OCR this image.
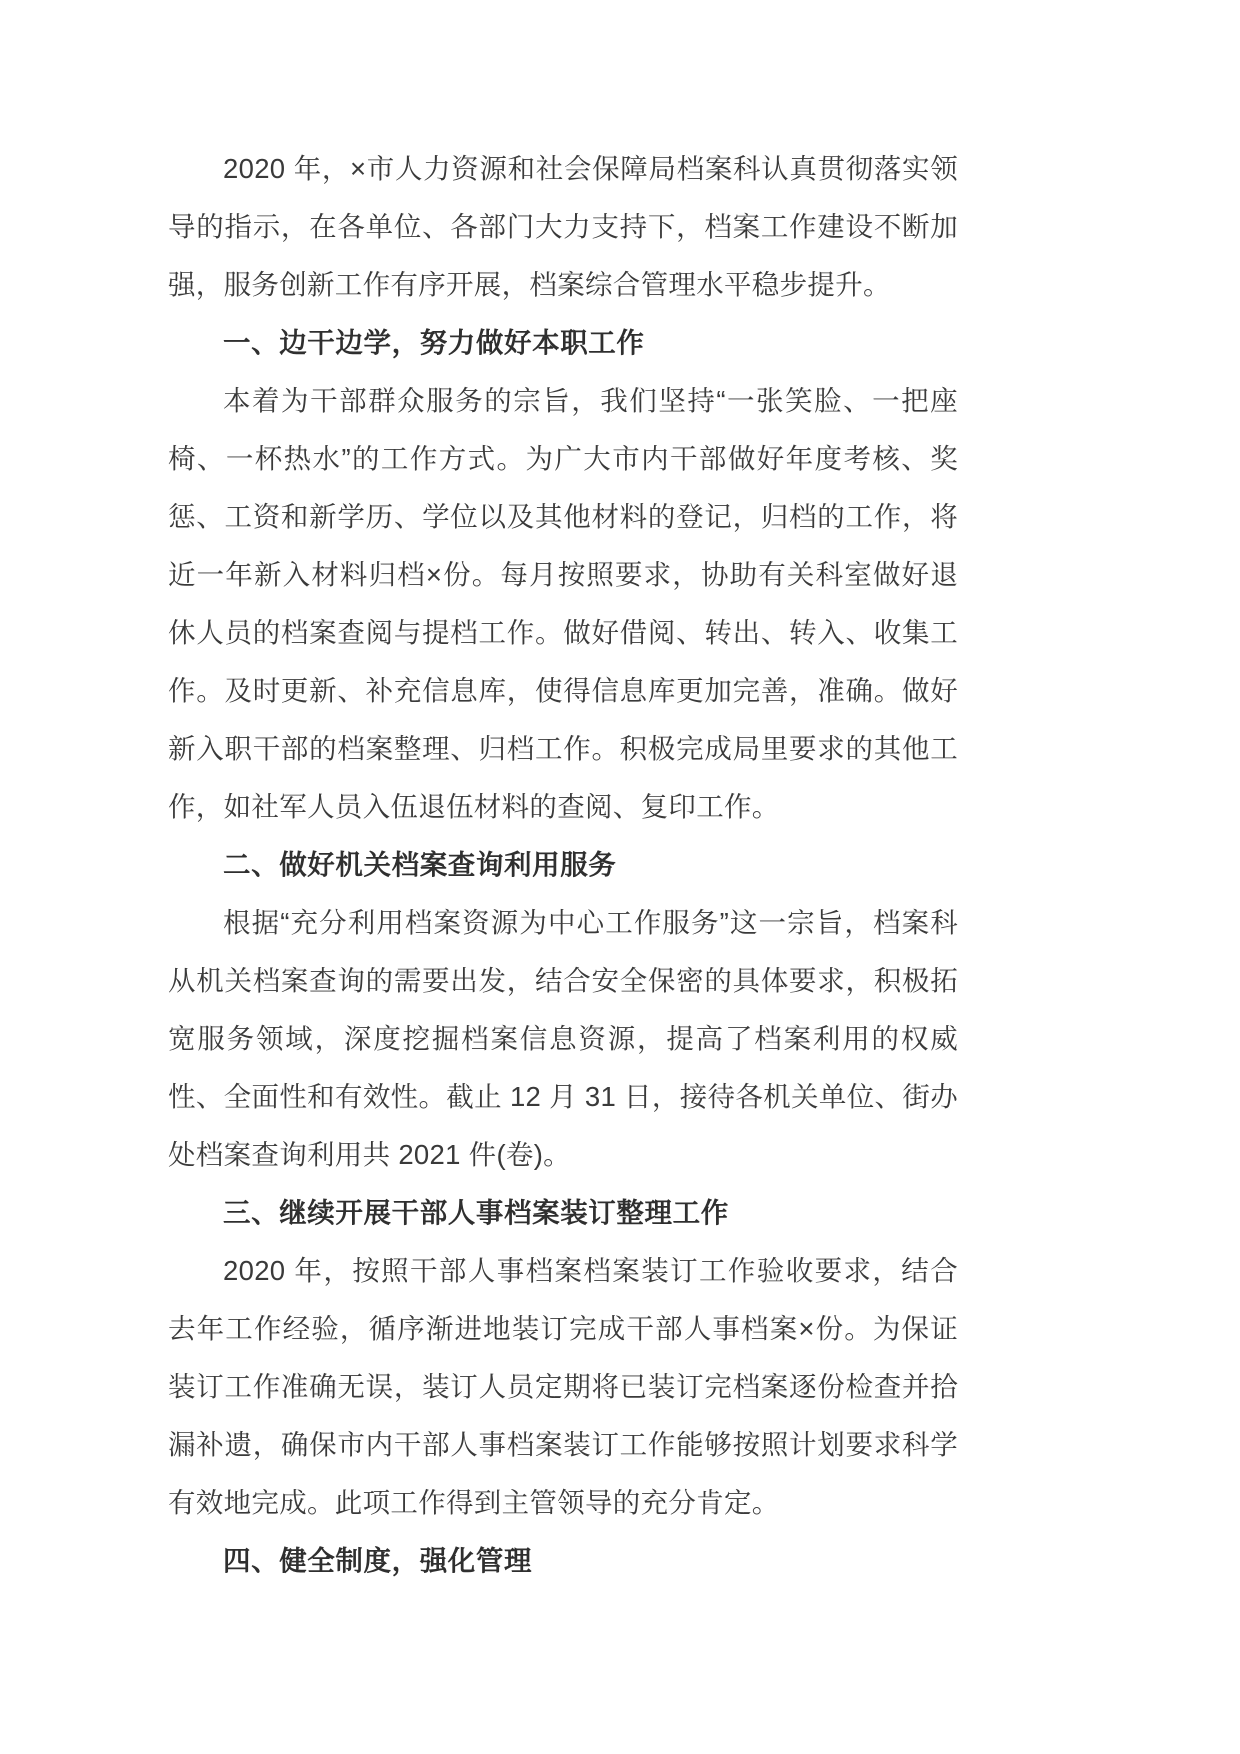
2020 年，×市人力资源和社会保障局档案科认真贯彻落实领导的指示，在各单位、各部门大力支持下，档案工作建设不断加强，服务创新工作有序开展，档案综合管理水平稳步提升。

一、边干边学，努力做好本职工作

本着为干部群众服务的宗旨，我们坚持“一张笑脸、一把座椅、一杯热水”的工作方式。为广大市内干部做好年度考核、奖惩、工资和新学历、学位以及其他材料的登记，归档的工作，将近一年新入材料归档×份。每月按照要求，协助有关科室做好退休人员的档案查阅与提档工作。做好借阅、转出、转入、收集工作。及时更新、补充信息库，使得信息库更加完善，准确。做好新入职干部的档案整理、归档工作。积极完成局里要求的其他工作，如社军人员入伍退伍材料的查阅、复印工作。

二、做好机关档案查询利用服务

根据“充分利用档案资源为中心工作服务”这一宗旨，档案科从机关档案查询的需要出发，结合安全保密的具体要求，积极拓宽服务领域，深度挖掘档案信息资源，提高了档案利用的权威性、全面性和有效性。截止 12 月 31 日，接待各机关单位、街办处档案查询利用共 2021 件(卷)。

三、继续开展干部人事档案装订整理工作

2020 年，按照干部人事档案档案装订工作验收要求，结合去年工作经验，循序渐进地装订完成干部人事档案×份。为保证装订工作准确无误，装订人员定期将已装订完档案逐份检查并拾漏补遗，确保市内干部人事档案装订工作能够按照计划要求科学有效地完成。此项工作得到主管领导的充分肯定。

四、健全制度，强化管理
